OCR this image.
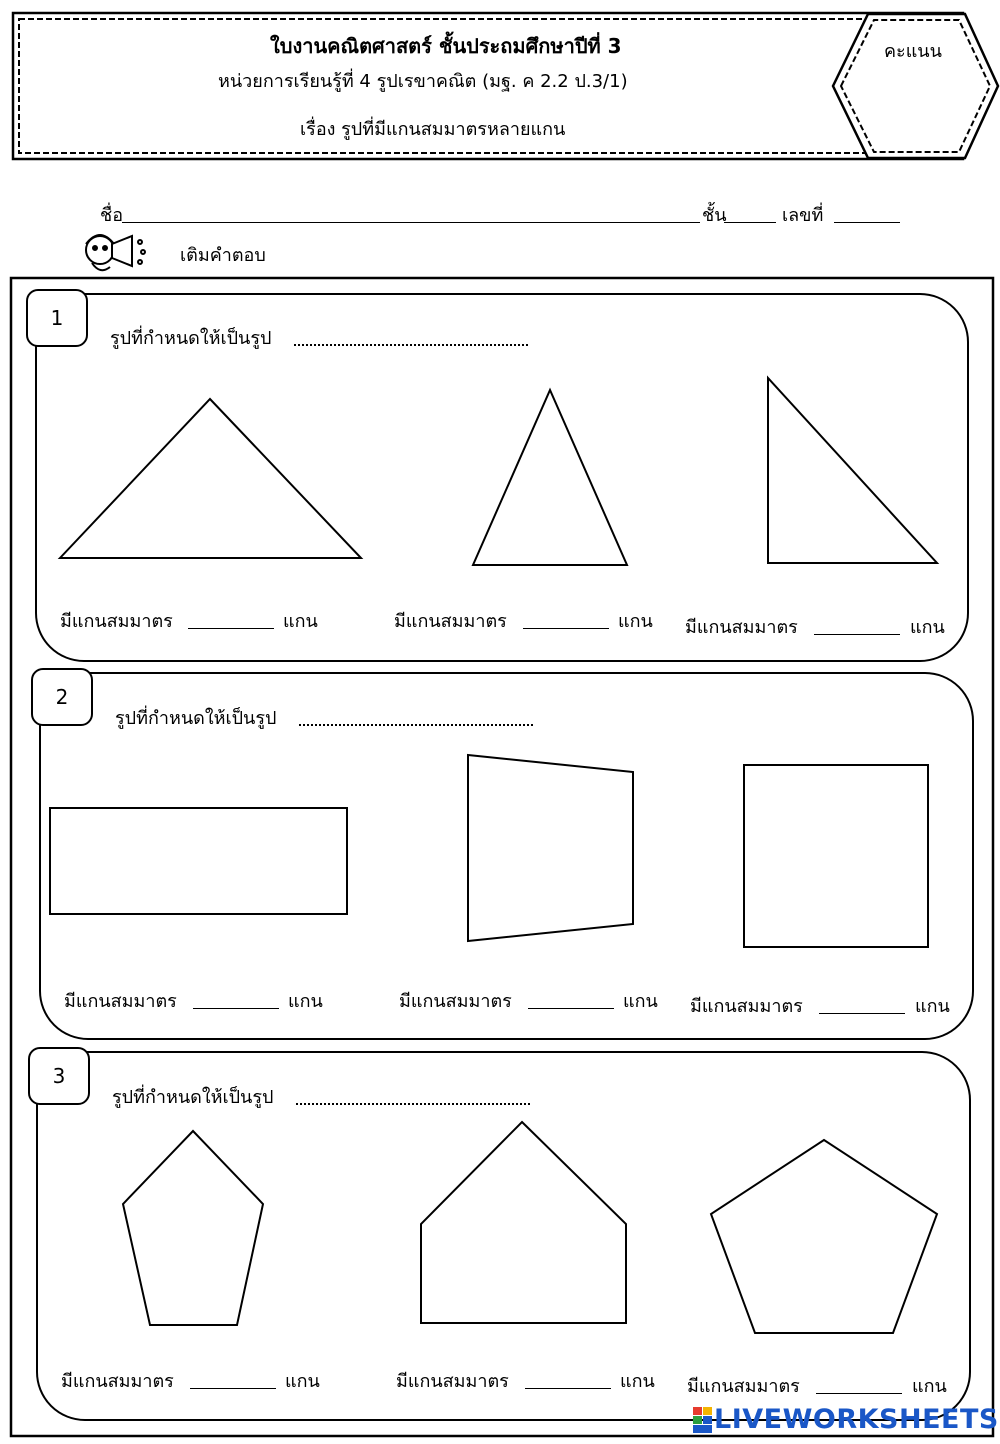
ใบงานคณิตศาสตร์ ชั้นประถมศึกษาปีที่ 3
หน่วยการเรียนรู้ที่ 4 รูปเรขาคณิต (มฐ. ค 2.2 ป.3/1)
เรื่อง รูปที่มีแกนสมมาตรหลายแกน
คะแนน
ชื่อ	ชั้น	เลขที่
เติมคำตอบ
1
รูปที่กำหนดให้เป็นรูป
มีแกนสมมาตร	แกน	มีแกนสมมาตร	แกน มีแกนสมมาตร	แกน
2
รูปที่กำหนดให้เป็นรูป
มีแกนสมมาตร	แกน	มีแกนสมมาตร	แกน มีแกนสมมาตร	แกน
3
รูปที่กำหนดให้เป็นรูป
มีแกนสมมาตร	แกน	มีแกนสมมาตร	แกน มีแกนสมมาตร	แกน
LIVEWORKSHEETS
